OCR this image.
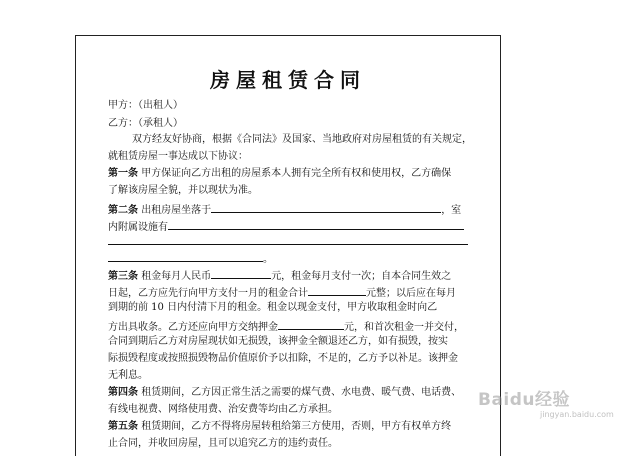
房屋租赁合同
甲方：（出租人）
乙方：（承租人）
双方经友好协商，根据《合同法》及国家、当地政府对房屋租赁的有关规定，
就租赁房屋一事达成以下协议：
第一条 甲方保证向乙方出租的房屋系本人拥有完全所有权和使用权，乙方确保
了解该房屋全貌，并以现状为准。
第二条 出租房屋坐落于	，室
内附属设施有
。
第三条 租金每月人民币	元，租金每月支付一次；自本合同生效之
日起，乙方应先行向甲方支付一月的租金合计	元整；以后应在每月
到期的前 10 日内付清下月的租金。租金以现金支付，甲方收取租金时向乙
方出具收条。乙方还应向甲方交纳押金	元，和首次租金一并交付，
合同到期后乙方对房屋现状如无损毁，该押金全额退还乙方，如有损毁，按实
际损毁程度或按照损毁物品价值原价予以扣除，不足的，乙方予以补足。该押金
无利息。
第四条 租赁期间，乙方因正常生活之需要的煤气费、水电费、暖气费、电话费、
有线电视费、网络使用费、治安费等均由乙方承担。
第五条 租赁期间，乙方不得将房屋转租给第三方使用，否则，甲方有权单方终
止合同，并收回房屋，且可以追究乙方的违约责任。
Baidu经验
jingyan.baidu.com
